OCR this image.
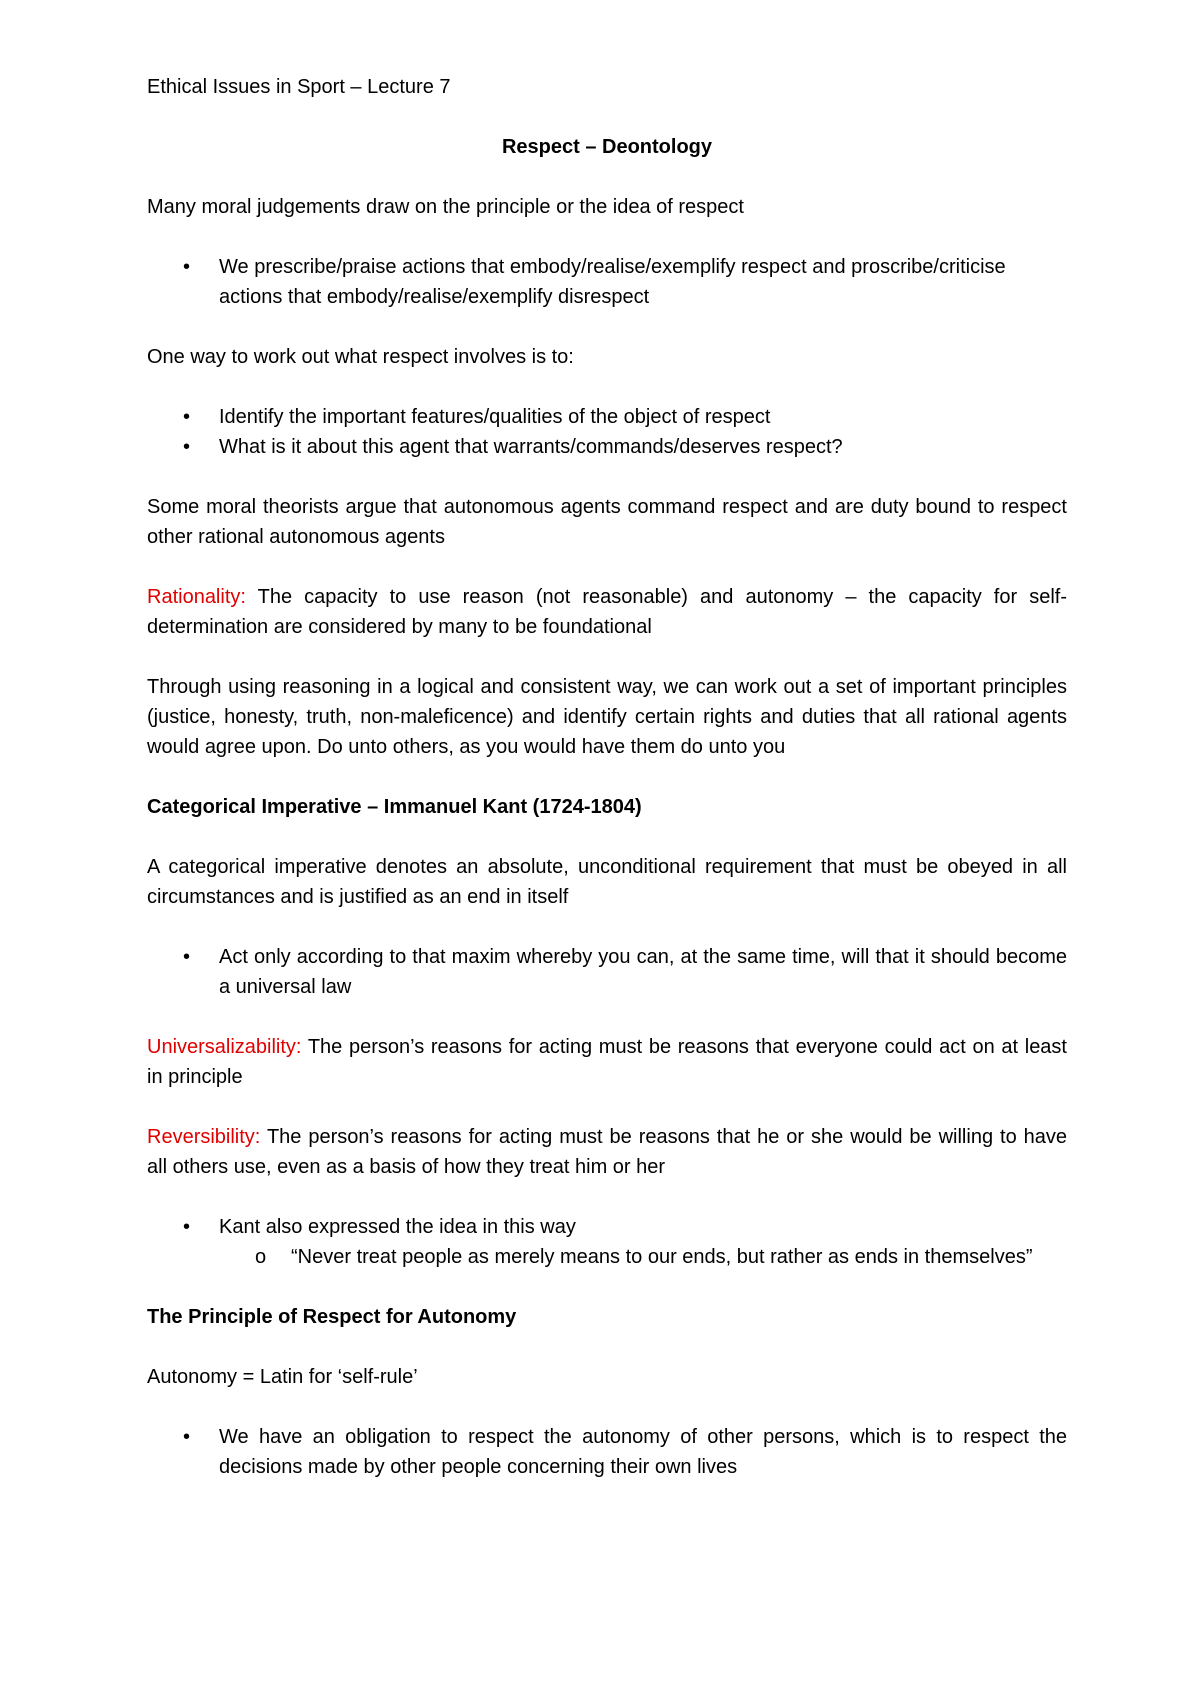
Ethical Issues in Sport – Lecture 7

Respect – Deontology

Many moral judgements draw on the principle or the idea of respect

•	We prescribe/praise actions that embody/realise/exemplify respect and proscribe/criticise actions that embody/realise/exemplify disrespect

One way to work out what respect involves is to:

•	Identify the important features/qualities of the object of respect
•	What is it about this agent that warrants/commands/deserves respect?

Some moral theorists argue that autonomous agents command respect and are duty bound to respect other rational autonomous agents

Rationality: The capacity to use reason (not reasonable) and autonomy – the capacity for self-determination are considered by many to be foundational

Through using reasoning in a logical and consistent way, we can work out a set of important principles (justice, honesty, truth, non-maleficence) and identify certain rights and duties that all rational agents would agree upon. Do unto others, as you would have them do unto you

Categorical Imperative – Immanuel Kant (1724-1804)

A categorical imperative denotes an absolute, unconditional requirement that must be obeyed in all circumstances and is justified as an end in itself

•	Act only according to that maxim whereby you can, at the same time, will that it should become a universal law

Universalizability: The person’s reasons for acting must be reasons that everyone could act on at least in principle

Reversibility: The person’s reasons for acting must be reasons that he or she would be willing to have all others use, even as a basis of how they treat him or her

•	Kant also expressed the idea in this way
o	“Never treat people as merely means to our ends, but rather as ends in themselves”

The Principle of Respect for Autonomy

Autonomy = Latin for ‘self-rule’

•	We have an obligation to respect the autonomy of other persons, which is to respect the decisions made by other people concerning their own lives
